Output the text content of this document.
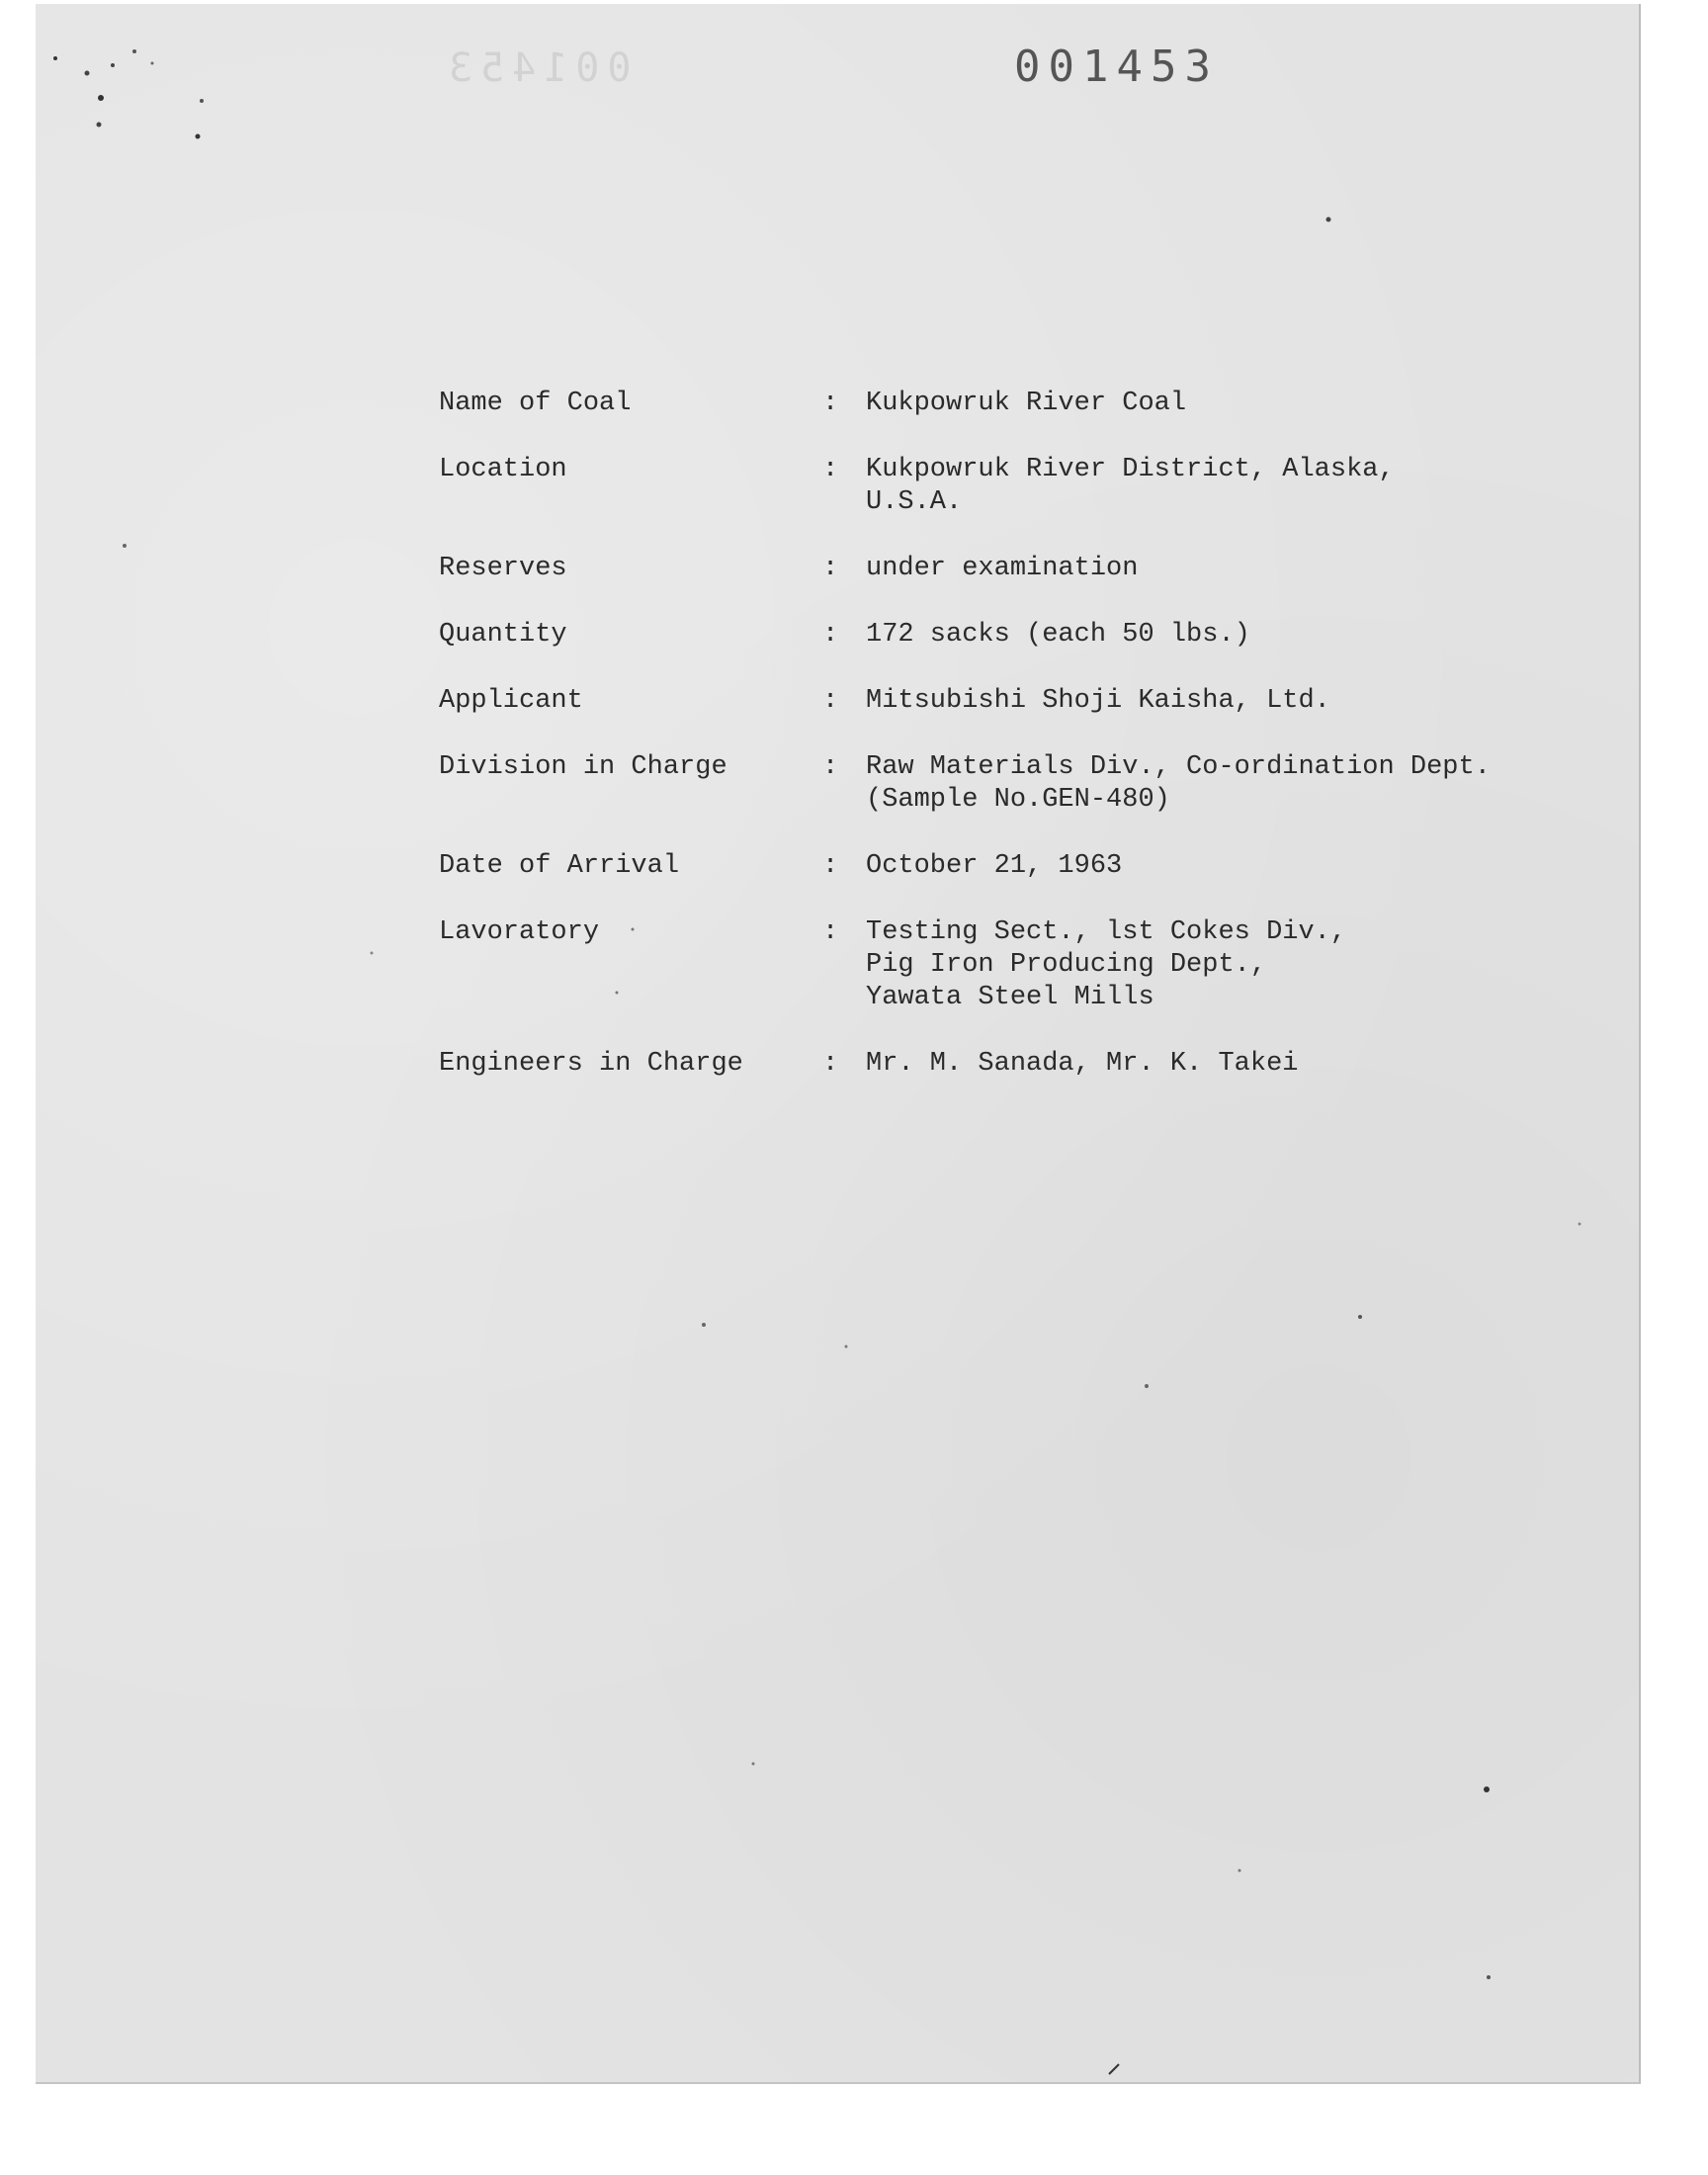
001453	001453
Name of Coal	:	Kukpowruk River Coal
Location	:	Kukpowruk River District, Alaska,
U.S.A.
Reserves	:	under examination
Quantity	:	172 sacks (each 50 lbs.)
Applicant	:	Mitsubishi Shoji Kaisha, Ltd.
Division in Charge	:	Raw Materials Div., Co-ordination Dept.
(Sample No.GEN-480)
Date of Arrival	:	October 21, 1963
Lavoratory	:	Testing Sect., lst Cokes Div.,
Pig Iron Producing Dept.,
Yawata Steel Mills
Engineers in Charge	:	Mr. M. Sanada, Mr. K. Takei
